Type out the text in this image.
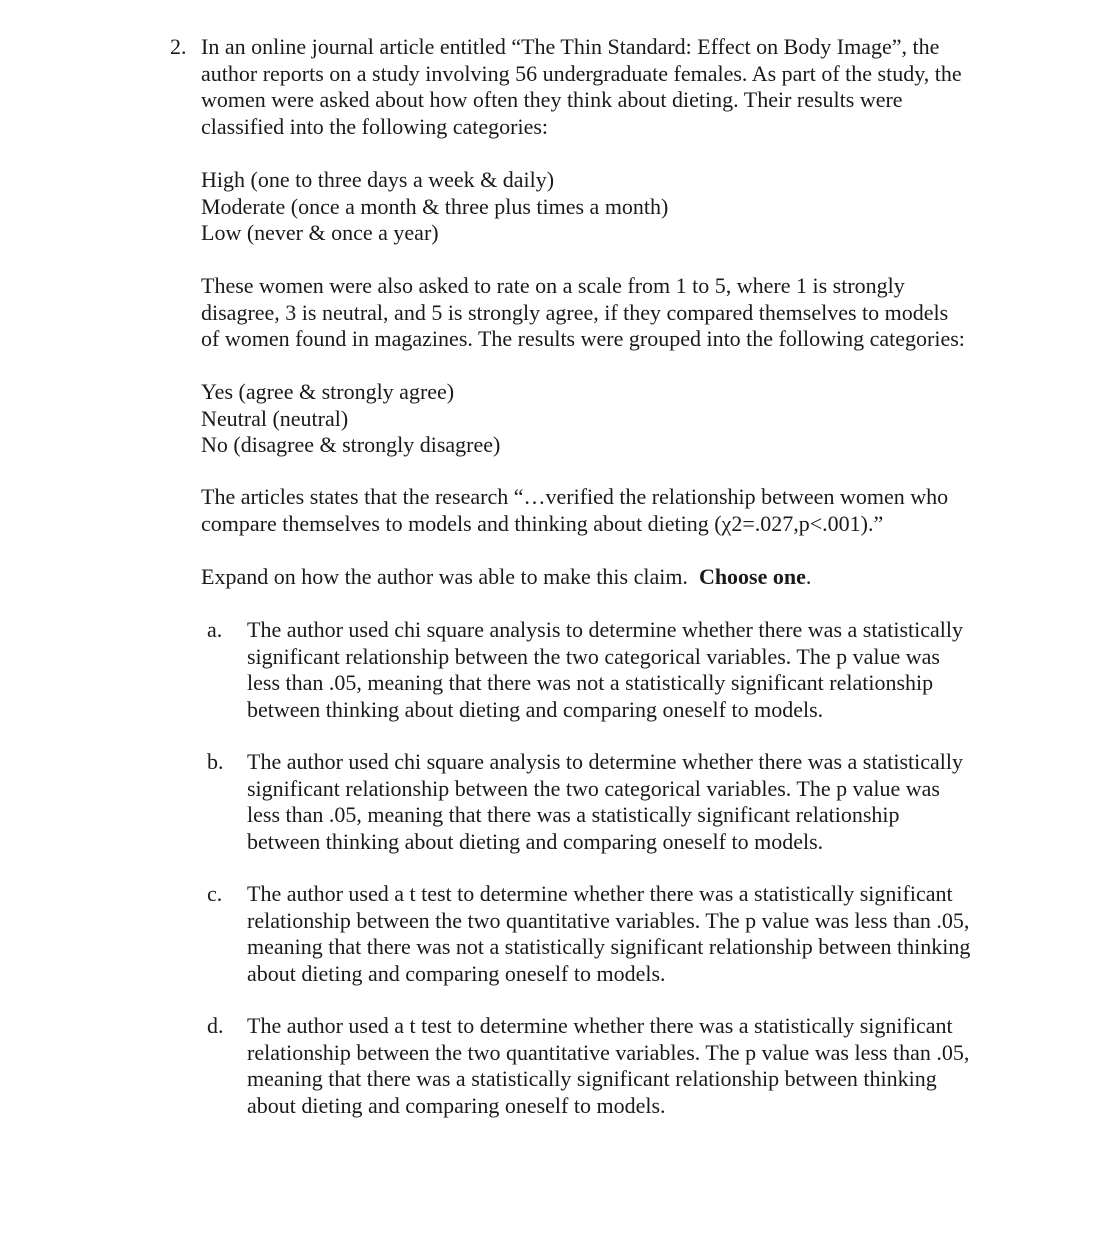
2. In an online journal article entitled “The Thin Standard: Effect on Body Image”, the
author reports on a study involving 56 undergraduate females. As part of the study, the
women were asked about how often they think about dieting. Their results were
classified into the following categories:
High (one to three days a week & daily)
Moderate (once a month & three plus times a month)
Low (never & once a year)
These women were also asked to rate on a scale from 1 to 5, where 1 is strongly
disagree, 3 is neutral, and 5 is strongly agree, if they compared themselves to models
of women found in magazines. The results were grouped into the following categories:
Yes (agree & strongly agree)
Neutral (neutral)
No (disagree & strongly disagree)
The articles states that the research “…verified the relationship between women who
compare themselves to models and thinking about dieting (χ2=.027,p<.001).”
Expand on how the author was able to make this claim. Choose one.
a. The author used chi square analysis to determine whether there was a statistically
significant relationship between the two categorical variables. The p value was
less than .05, meaning that there was not a statistically significant relationship
between thinking about dieting and comparing oneself to models.
b. The author used chi square analysis to determine whether there was a statistically
significant relationship between the two categorical variables. The p value was
less than .05, meaning that there was a statistically significant relationship
between thinking about dieting and comparing oneself to models.
c. The author used a t test to determine whether there was a statistically significant
relationship between the two quantitative variables. The p value was less than .05,
meaning that there was not a statistically significant relationship between thinking
about dieting and comparing oneself to models.
d. The author used a t test to determine whether there was a statistically significant
relationship between the two quantitative variables. The p value was less than .05,
meaning that there was a statistically significant relationship between thinking
about dieting and comparing oneself to models.
